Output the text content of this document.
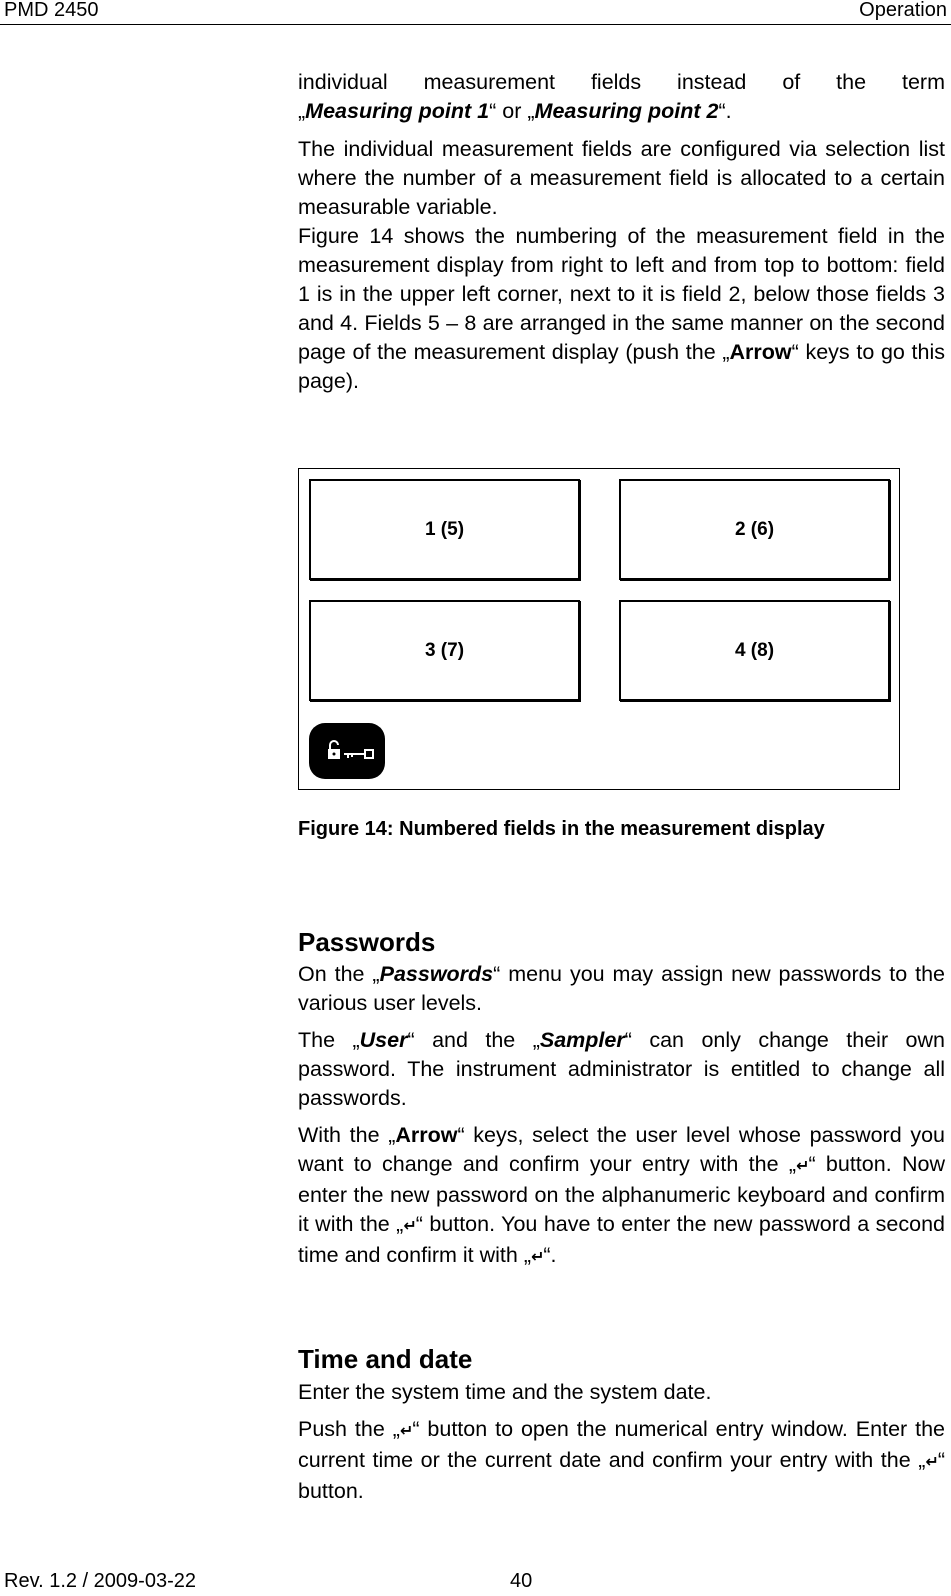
PMD 2450	Operation

individual measurement fields instead of the term

„Measuring point 1“ or „Measuring point 2“.

The individual measurement fields are configured via selection list where the number of a measurement field is allocated to a certain measurable variable.

Figure 14 shows the numbering of the measurement field in the measurement display from right to left and from top to bottom: field 1 is in the upper left corner, next to it is field 2, below those fields 3 and 4. Fields 5 – 8 are arranged in the same manner on the second page of the measurement display (push the „Arrow“ keys to go this page).

1 (5)	2 (6)
3 (7)	4 (8)
Figure 14: Numbered fields in the measurement display

Passwords

On the „Passwords“ menu you may assign new passwords to the various user levels.

The „User“ and the „Sampler“ can only change their own password. The instrument administrator is entitled to change all passwords.

With the „Arrow“ keys, select the user level whose password you want to change and confirm your entry with the „↵“ button. Now enter the new password on the alphanumeric keyboard and confirm it with the „↵“ button. You have to enter the new password a second time and confirm it with „↵“.

Time and date

Enter the system time and the system date.

Push the „↵“ button to open the numerical entry window. Enter the current time or the current date and confirm your entry with the „↵“ button.

Rev. 1.2 / 2009-03-22	40
